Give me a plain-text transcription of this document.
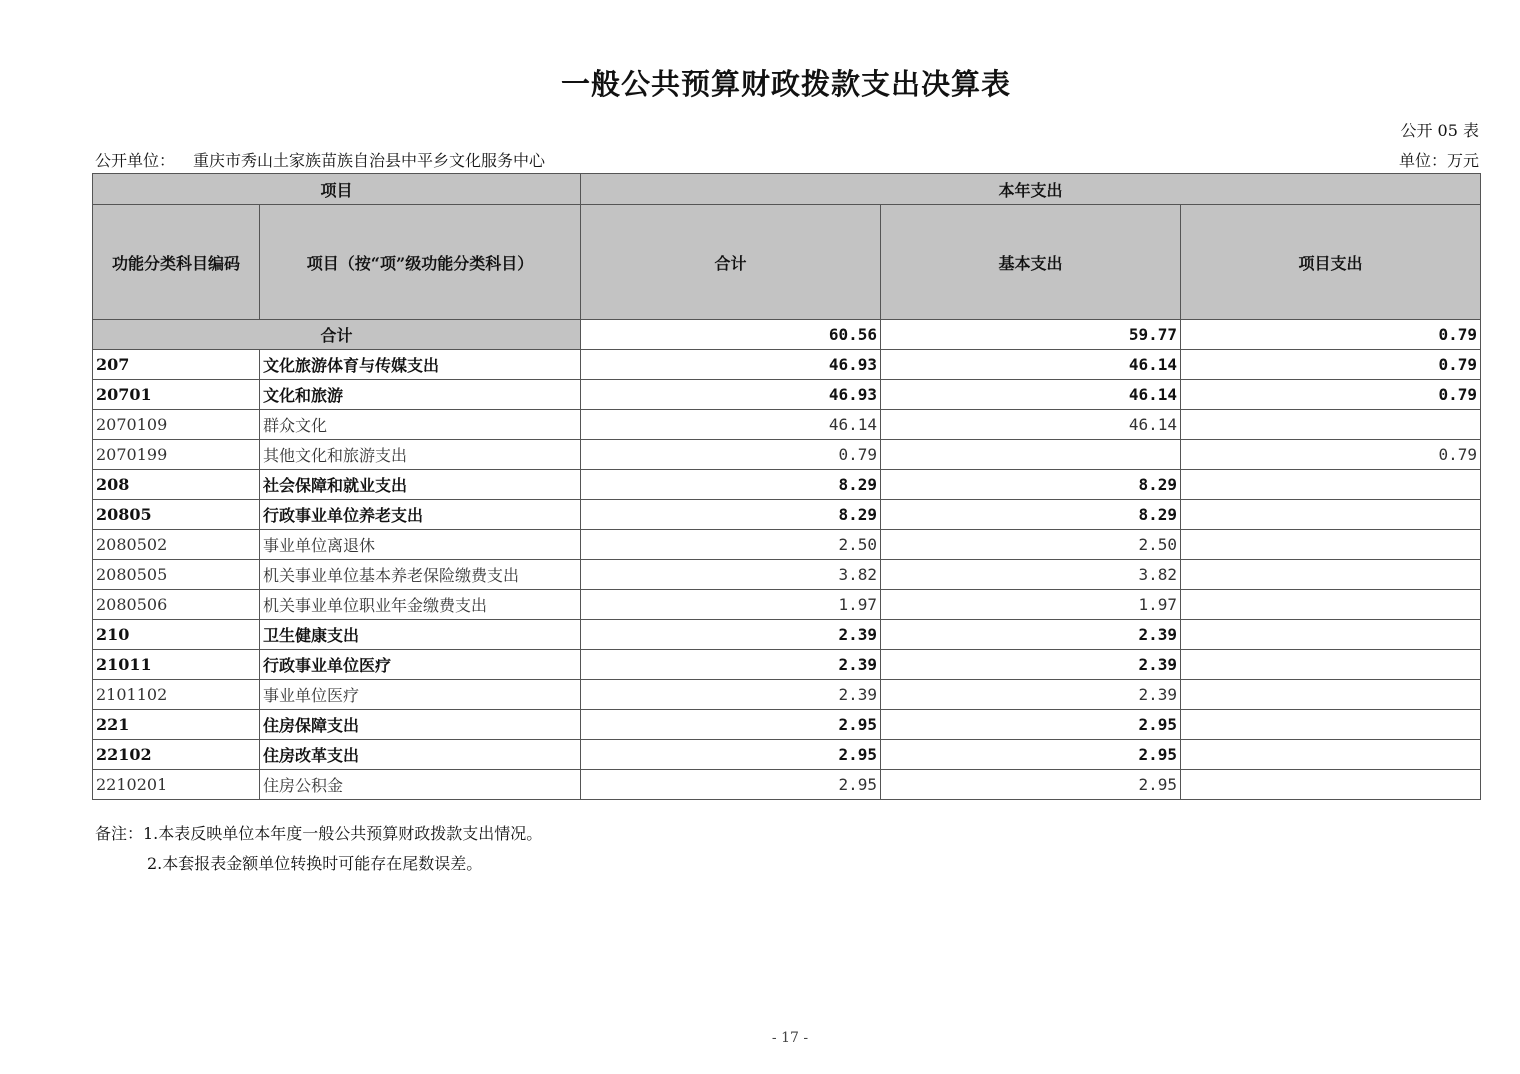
一般公共预算财政拨款支出决算表
公开 05 表
公开单位： 重庆市秀山土家族苗族自治县中平乡文化服务中心	单位：万元
项目		本年支出		
功能分类科目编码	项目（按“项”级功能分类科目）	合计	基本支出	项目支出
合计		60.56	59.77	0.79
207	文化旅游体育与传媒支出	46.93	46.14	0.79
20701	文化和旅游	46.93	46.14	0.79
2070109	群众文化	46.14	46.14	
2070199	其他文化和旅游支出	0.79		0.79
208	社会保障和就业支出	8.29	8.29	
20805	行政事业单位养老支出	8.29	8.29	
2080502	事业单位离退休	2.50	2.50	
2080505	机关事业单位基本养老保险缴费支出	3.82	3.82	
2080506	机关事业单位职业年金缴费支出	1.97	1.97	
210	卫生健康支出	2.39	2.39	
21011	行政事业单位医疗	2.39	2.39	
2101102	事业单位医疗	2.39	2.39	
221	住房保障支出	2.95	2.95	
22102	住房改革支出	2.95	2.95	
2210201	住房公积金	2.95	2.95	
备注：1.本表反映单位本年度一般公共预算财政拨款支出情况。
2.本套报表金额单位转换时可能存在尾数误差。
- 17 -
